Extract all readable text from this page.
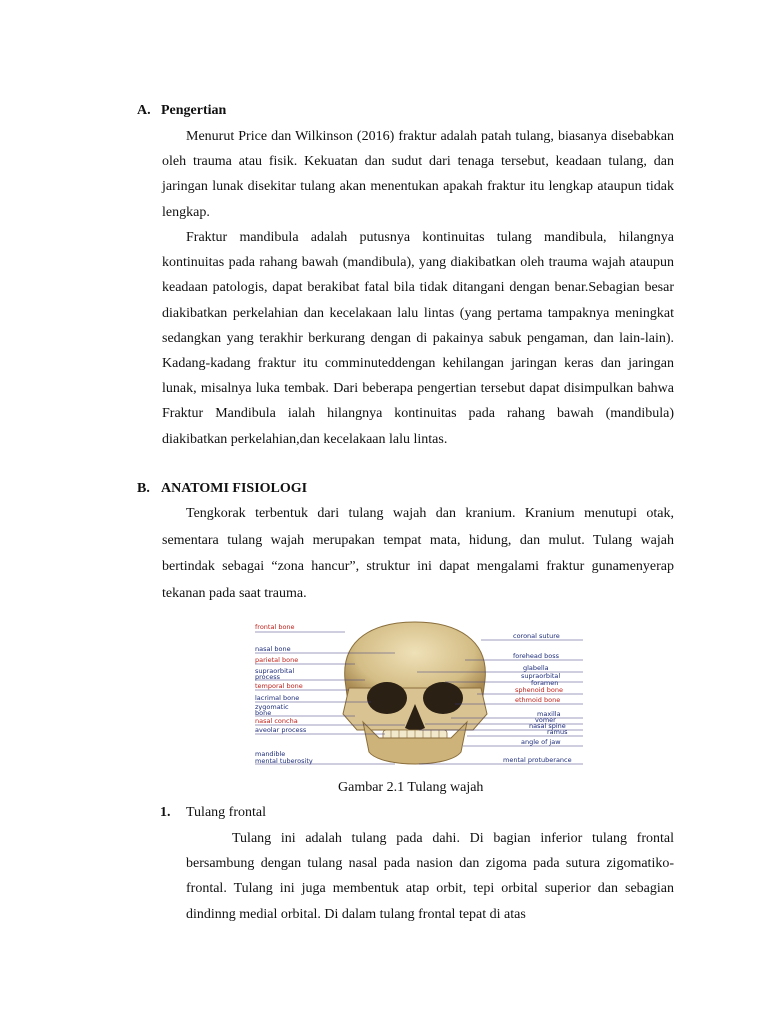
A. Pengertian

Menurut Price dan Wilkinson (2016) fraktur adalah patah tulang, biasanya disebabkan oleh trauma atau fisik. Kekuatan dan sudut dari tenaga tersebut, keadaan tulang, dan jaringan lunak disekitar tulang akan menentukan apakah fraktur itu lengkap ataupun tidak lengkap.

Fraktur mandibula adalah putusnya kontinuitas tulang mandibula, hilangnya kontinuitas pada rahang bawah (mandibula), yang diakibatkan oleh trauma wajah ataupun keadaan patologis, dapat berakibat fatal bila tidak ditangani dengan benar.Sebagian besar diakibatkan perkelahian dan kecelakaan lalu lintas (yang pertama tampaknya meningkat sedangkan yang terakhir berkurang dengan di pakainya sabuk pengaman, dan lain-lain). Kadang-kadang fraktur itu comminuteddengan kehilangan jaringan keras dan jaringan lunak, misalnya luka tembak. Dari beberapa pengertian tersebut dapat disimpulkan bahwa Fraktur Mandibula ialah hilangnya kontinuitas pada rahang bawah (mandibula) diakibatkan perkelahian,dan kecelakaan lalu lintas.

B. ANATOMI FISIOLOGI

Tengkorak terbentuk dari tulang wajah dan kranium. Kranium menutupi otak, sementara tulang wajah merupakan tempat mata, hidung, dan mulut. Tulang wajah bertindak sebagai “zona hancur”, struktur ini dapat mengalami fraktur gunamenyerap tekanan pada saat trauma.

frontal bone
nasal bone
parietal bone
supraorbital
process
temporal bone
lacrimal bone
zygomatic
bone
nasal concha
aveolar process
mandible
mental tuberosity
coronal suture
forehead boss
glabella
supraorbital
foramen
sphenoid bone
ethmoid bone
maxilla
vomer
nasal spine
ramus
angle of jaw
mental protuberance
Gambar 2.1 Tulang wajah
1. Tulang frontal

Tulang ini adalah tulang pada dahi. Di bagian inferior tulang frontal bersambung dengan tulang nasal pada nasion dan zigoma pada sutura zigomatiko-frontal. Tulang ini juga membentuk atap orbit, tepi orbital superior dan sebagian dindinng medial orbital. Di dalam tulang frontal tepat di atas
